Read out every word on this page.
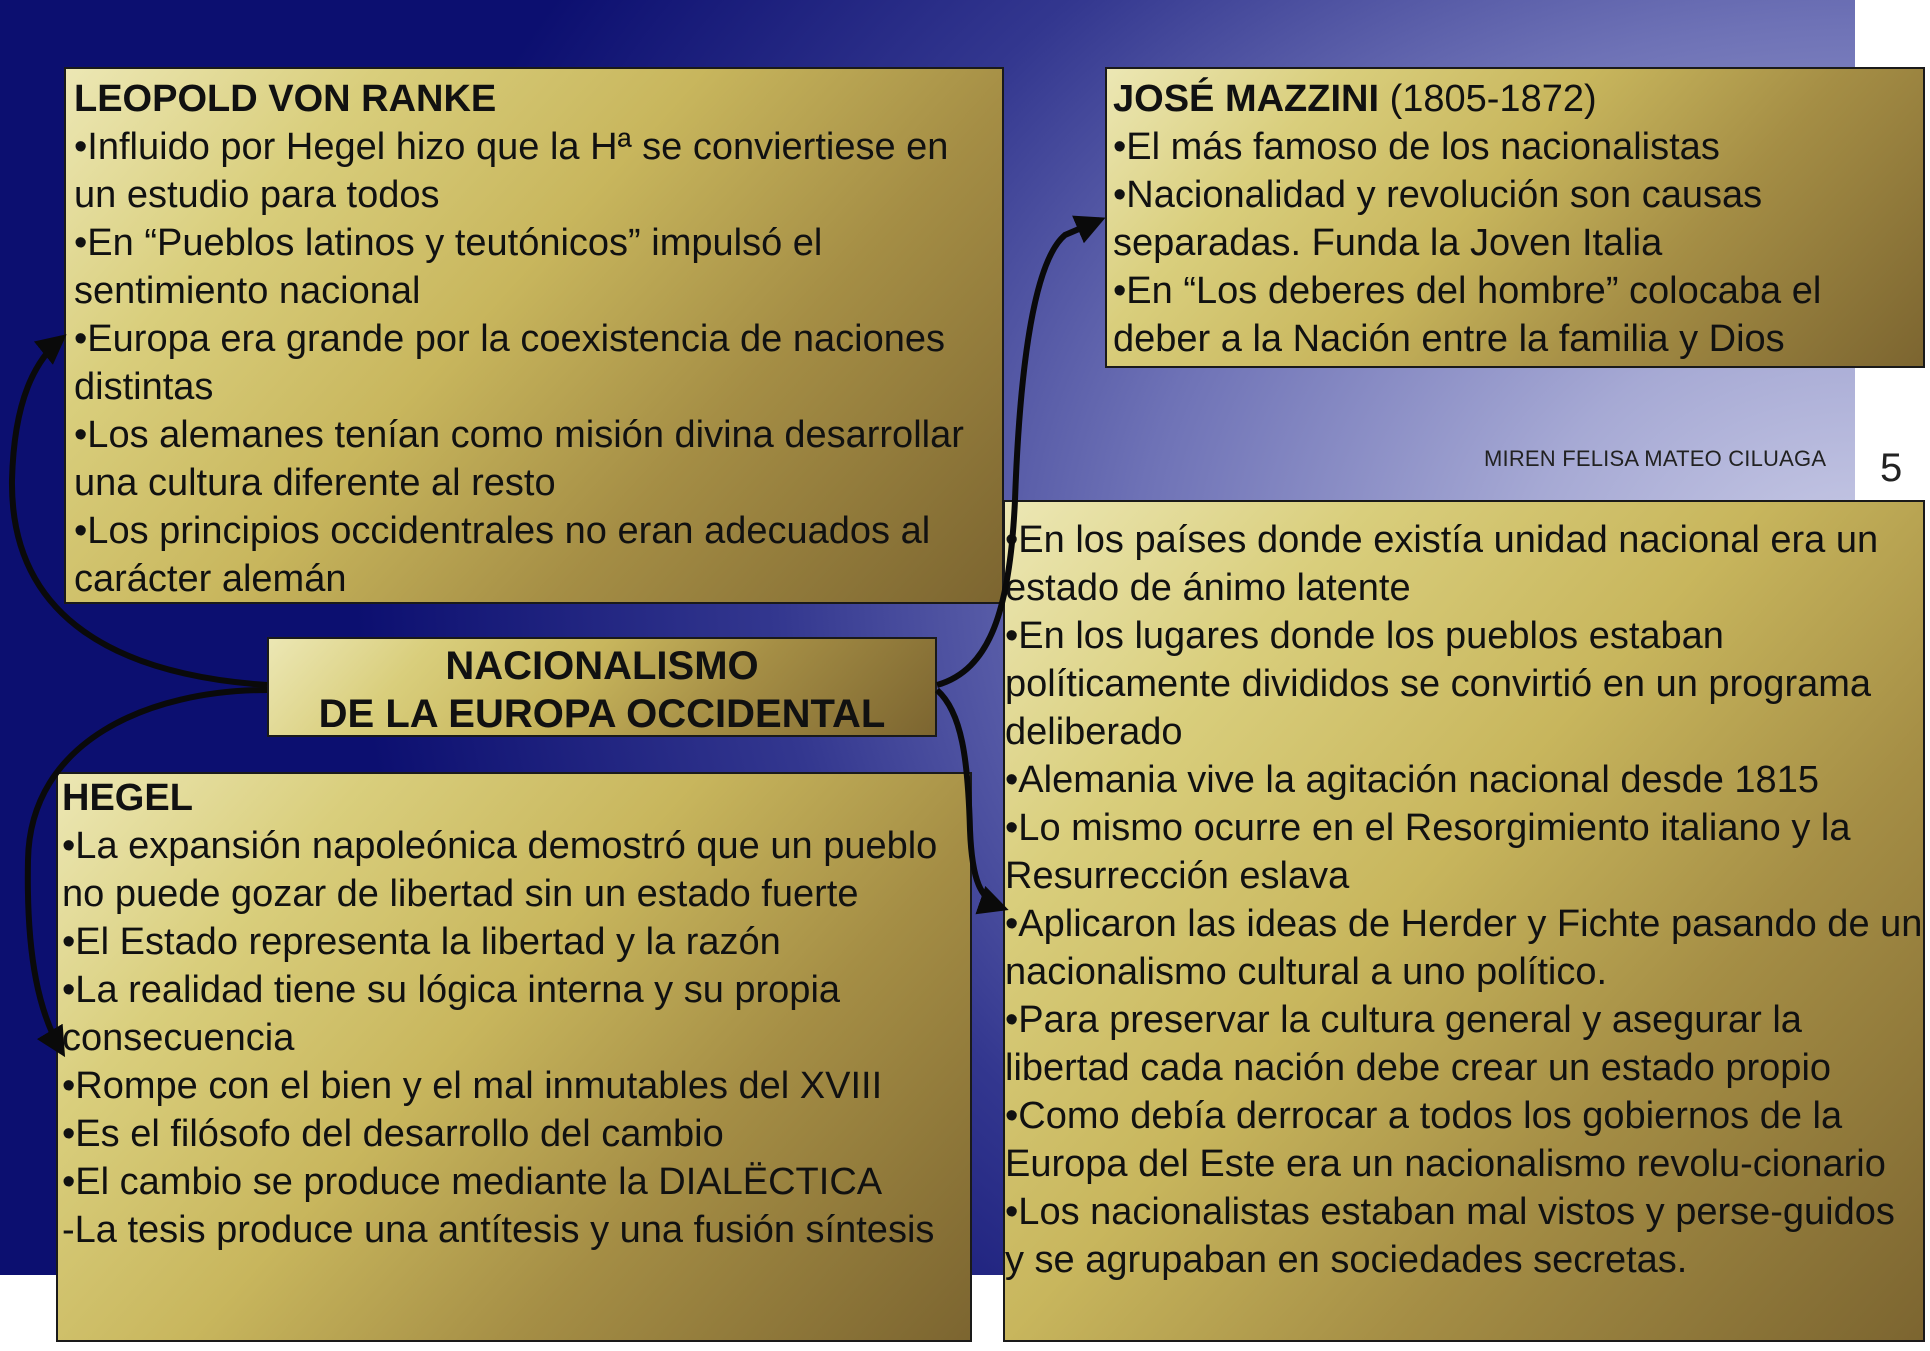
LEOPOLD VON RANKE
•Influido por Hegel hizo que la Hª se conviertiese en un estudio para todos
•En “Pueblos latinos y teutónicos” impulsó el sentimiento nacional
•Europa era grande por la coexistencia de naciones distintas
•Los alemanes tenían como misión divina desarrollar una cultura diferente al resto
•Los principios occidentrales no eran adecuados al carácter alemán
JOSÉ MAZZINI (1805-1872)
•El más famoso de los nacionalistas
•Nacionalidad y revolución son causas separadas. Funda la Joven Italia
•En “Los deberes del hombre” colocaba el deber a la Nación entre la familia y Dios
MIREN FELISA MATEO CILUAGA 5
•En los países donde existía unidad nacional era un estado de ánimo latente
•En los lugares donde los pueblos estaban políticamente divididos se convirtió en un programa deliberado
•Alemania vive la agitación nacional desde 1815
•Lo mismo ocurre en el Resorgimiento italiano y la Resurrección eslava
•Aplicaron las ideas de Herder y Fichte pasando de un nacionalismo cultural a uno político.
•Para preservar la cultura general y asegurar la libertad cada nación debe crear un estado propio
•Como debía derrocar a todos los gobiernos de la Europa del Este era un nacionalismo revolu-cionario
•Los nacionalistas estaban mal vistos y perse-guidos y se agrupaban en sociedades secretas.
HEGEL
•La expansión napoleónica demostró que un pueblo no puede gozar de libertad sin un estado fuerte
•El Estado representa la libertad y la razón
•La realidad tiene su lógica interna y su propia consecuencia
•Rompe con el bien y el mal inmutables del XVIII
•Es el filósofo del desarrollo del cambio
•El cambio se produce mediante la DIALËCTICA
-La tesis produce una antítesis y una fusión síntesis
NACIONALISMO
DE LA EUROPA OCCIDENTAL
